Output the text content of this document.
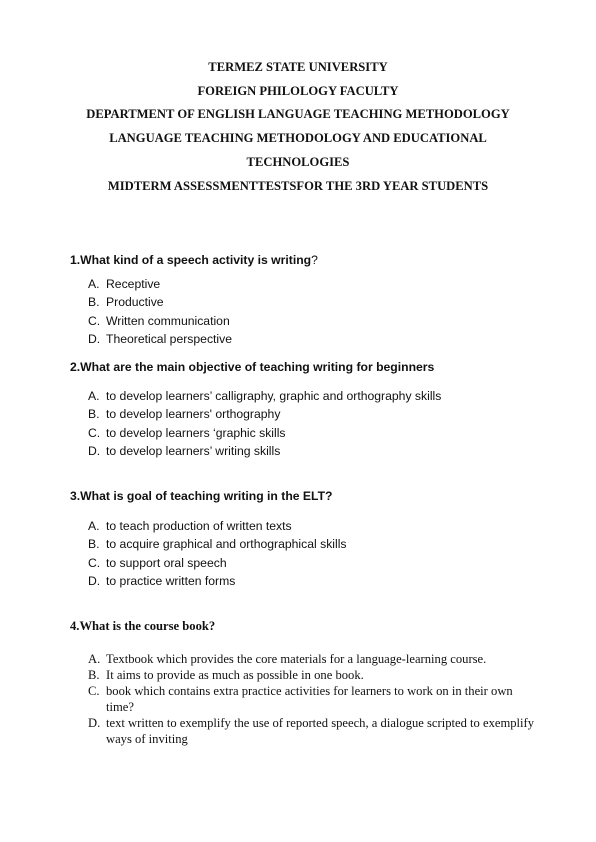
TERMEZ STATE UNIVERSITY
FOREIGN PHILOLOGY FACULTY
DEPARTMENT OF ENGLISH LANGUAGE TEACHING METHODOLOGY
LANGUAGE TEACHING METHODOLOGY AND EDUCATIONAL
TECHNOLOGIES
MIDTERM ASSESSMENTTESTSFOR THE 3RD YEAR STUDENTS

1.What kind of a speech activity is writing?

A. Receptive
B. Productive
C. Written communication
D. Theoretical perspective

2.What are the main objective of teaching writing for beginners

A. to develop learners’ calligraphy, graphic and orthography skills
B. to develop learners' orthography
C. to develop learners ‘graphic skills
D. to develop learners’ writing skills

3.What is goal of teaching writing in the ELT?

A. to teach production of written texts
B. to acquire graphical and orthographical skills
C. to support oral speech
D. to practice written forms

4.What is the course book?

A. Textbook which provides the core materials for a language-learning course.
B. It aims to provide as much as possible in one book.
C. book which contains extra practice activities for learners to work on in their own time?
D. text written to exemplify the use of reported speech, a dialogue scripted to exemplify ways of inviting
